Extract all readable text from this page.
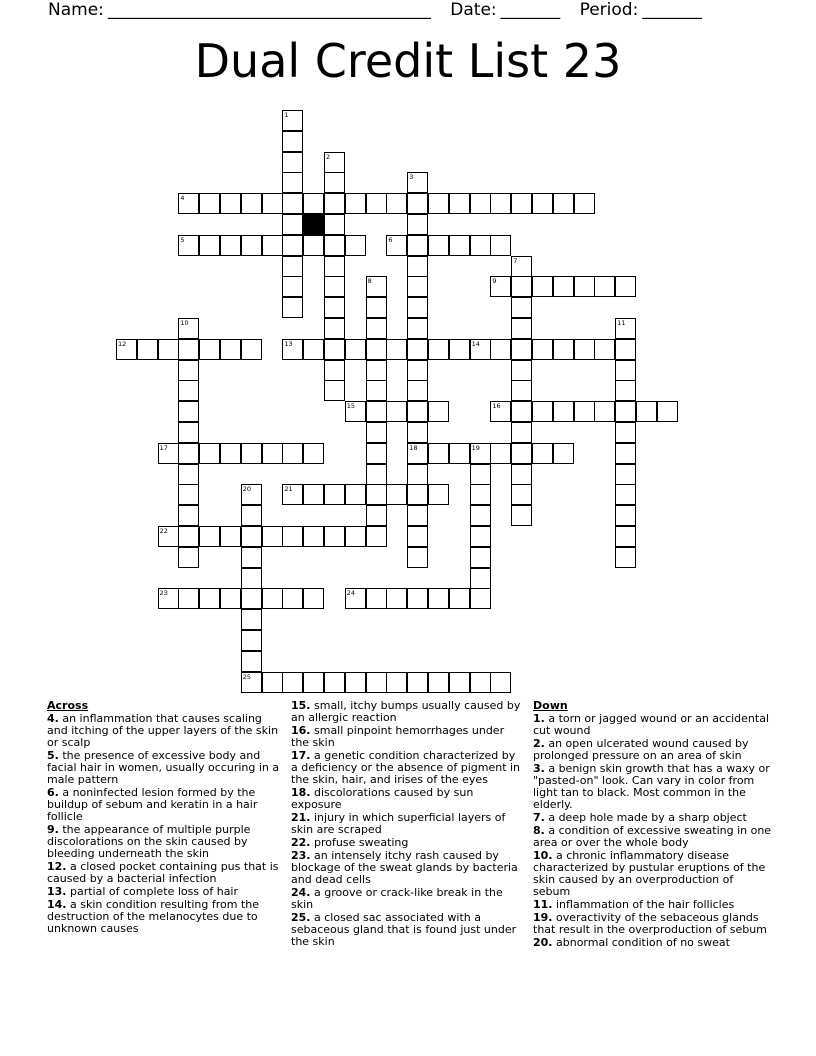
Name: ______________________________________ Date: _______ Period: _______
Dual Credit List 23
4
5	6
9
12	13	14
15	16
17	18	19
21
22
23	24
25
1
2
3
7
8
10	11
20
Across
4. an inflammation that causes scaling and itching of the upper layers of the skin or scalp
5. the presence of excessive body and facial hair in women, usually occuring in a male pattern
6. a noninfected lesion formed by the buildup of sebum and keratin in a hair follicle
9. the appearance of multiple purple discolorations on the skin caused by bleeding underneath the skin
12. a closed pocket containing pus that is caused by a bacterial infection
13. partial of complete loss of hair
14. a skin condition resulting from the destruction of the melanocytes due to unknown causes
15. small, itchy bumps usually caused by an allergic reaction
16. small pinpoint hemorrhages under the skin
17. a genetic condition characterized by a deficiency or the absence of pigment in the skin, hair, and irises of the eyes
18. discolorations caused by sun exposure
21. injury in which superficial layers of skin are scraped
22. profuse sweating
23. an intensely itchy rash caused by blockage of the sweat glands by bacteria and dead cells
24. a groove or crack-like break in the skin
25. a closed sac associated with a sebaceous gland that is found just under the skin
Down
1. a torn or jagged wound or an accidental cut wound
2. an open ulcerated wound caused by prolonged pressure on an area of skin
3. a benign skin growth that has a waxy or "pasted-on" look. Can vary in color from light tan to black. Most common in the elderly.
7. a deep hole made by a sharp object
8. a condition of excessive sweating in one area or over the whole body
10. a chronic inflammatory disease characterized by pustular eruptions of the skin caused by an overproduction of sebum
11. inflammation of the hair follicles
19. overactivity of the sebaceous glands that result in the overproduction of sebum
20. abnormal condition of no sweat
